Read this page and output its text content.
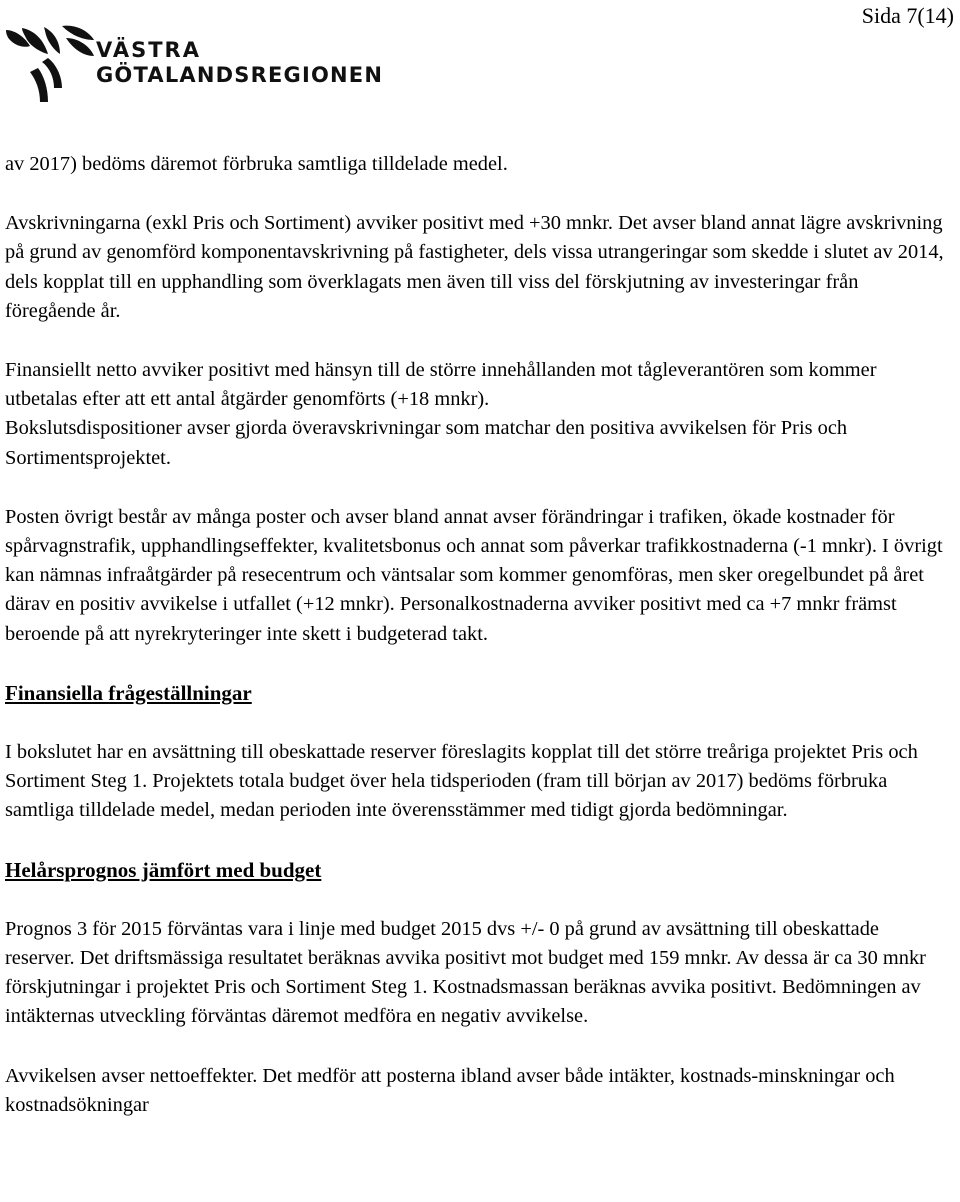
Sida 7(14)
VÄSTRA
GÖTALANDSREGIONEN

av 2017) bedöms däremot förbruka samtliga tilldelade medel.

Avskrivningarna (exkl Pris och Sortiment) avviker positivt med +30 mnkr. Det avser bland annat lägre avskrivning på grund av genomförd komponentavskrivning på fastigheter, dels vissa utrangeringar som skedde i slutet av 2014, dels kopplat till en upphandling som överklagats men även till viss del förskjutning av investeringar från föregående år.

Finansiellt netto avviker positivt med hänsyn till de större innehållanden mot tågleverantören som kommer utbetalas efter att ett antal åtgärder genomförts (+18 mnkr).

Bokslutsdispositioner avser gjorda överavskrivningar som matchar den positiva avvikelsen för Pris och Sortimentsprojektet.

Posten övrigt består av många poster och avser bland annat avser förändringar i trafiken, ökade kostnader för spårvagnstrafik, upphandlingseffekter, kvalitetsbonus och annat som påverkar trafikkostnaderna (-1 mnkr). I övrigt kan nämnas infraåtgärder på resecentrum och väntsalar som kommer genomföras, men sker oregelbundet på året därav en positiv avvikelse i utfallet (+12 mnkr). Personalkostnaderna avviker positivt med ca +7 mnkr främst beroende på att nyrekryteringer inte skett i budgeterad takt.

Finansiella frågeställningar

I bokslutet har en avsättning till obeskattade reserver föreslagits kopplat till det större treåriga projektet Pris och Sortiment Steg 1. Projektets totala budget över hela tidsperioden (fram till början av 2017) bedöms förbruka samtliga tilldelade medel, medan perioden inte överensstämmer med tidigt gjorda bedömningar.

Helårsprognos jämfört med budget

Prognos 3 för 2015 förväntas vara i linje med budget 2015 dvs +/- 0 på grund av avsättning till obeskattade reserver. Det driftsmässiga resultatet beräknas avvika positivt mot budget med 159 mnkr. Av dessa är ca 30 mnkr förskjutningar i projektet Pris och Sortiment Steg 1. Kostnadsmassan beräknas avvika positivt. Bedömningen av intäkternas utveckling förväntas däremot medföra en negativ avvikelse.

Avvikelsen avser nettoeffekter. Det medför att posterna ibland avser både intäkter, kostnads-minskningar och kostnadsökningar
